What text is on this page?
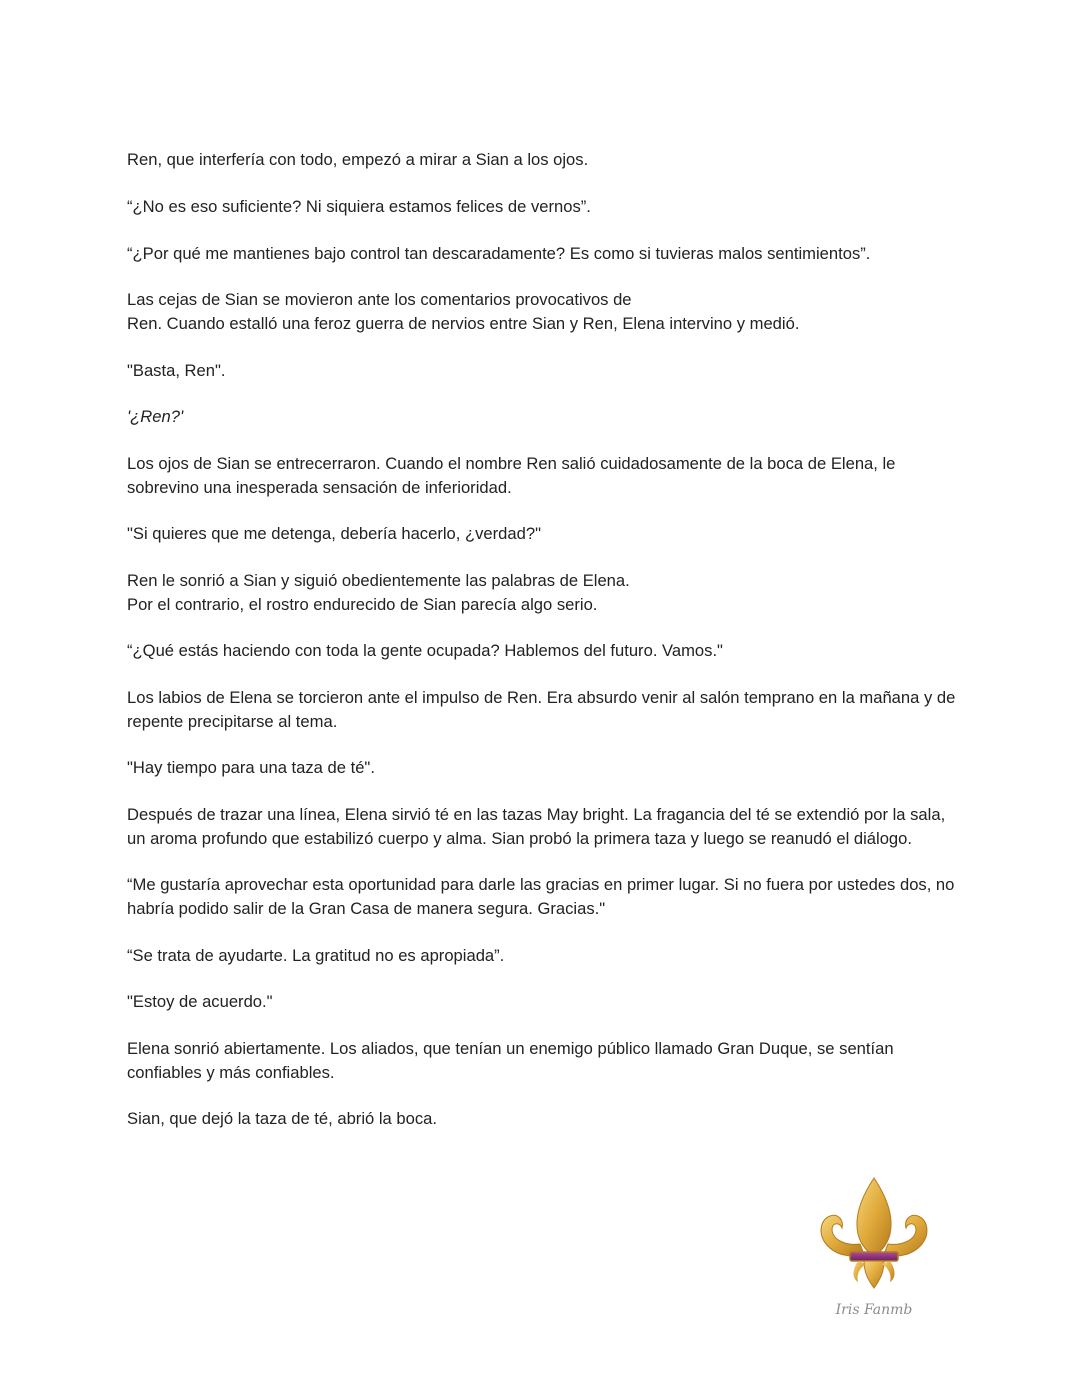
Ren, que interfería con todo, empezó a mirar a Sian a los ojos.

“¿No es eso suficiente? Ni siquiera estamos felices de vernos”.

“¿Por qué me mantienes bajo control tan descaradamente? Es como si tuvieras malos sentimientos”.

Las cejas de Sian se movieron ante los comentarios provocativos de
Ren. Cuando estalló una feroz guerra de nervios entre Sian y Ren, Elena intervino y medió.

"Basta, Ren".

'¿Ren?'

Los ojos de Sian se entrecerraron. Cuando el nombre Ren salió cuidadosamente de la boca de Elena, le sobrevino una inesperada sensación de inferioridad.

"Si quieres que me detenga, debería hacerlo, ¿verdad?"

Ren le sonrió a Sian y siguió obedientemente las palabras de Elena.
Por el contrario, el rostro endurecido de Sian parecía algo serio.

“¿Qué estás haciendo con toda la gente ocupada? Hablemos del futuro. Vamos."

Los labios de Elena se torcieron ante el impulso de Ren. Era absurdo venir al salón temprano en la mañana y de repente precipitarse al tema.

"Hay tiempo para una taza de té".

Después de trazar una línea, Elena sirvió té en las tazas May bright. La fragancia del té se extendió por la sala, un aroma profundo que estabilizó cuerpo y alma. Sian probó la primera taza y luego se reanudó el diálogo.

“Me gustaría aprovechar esta oportunidad para darle las gracias en primer lugar. Si no fuera por ustedes dos, no habría podido salir de la Gran Casa de manera segura. Gracias."

“Se trata de ayudarte. La gratitud no es apropiada”.

"Estoy de acuerdo."

Elena sonrió abiertamente. Los aliados, que tenían un enemigo público llamado Gran Duque, se sentían confiables y más confiables.

Sian, que dejó la taza de té, abrió la boca.

Iris Fanmb
